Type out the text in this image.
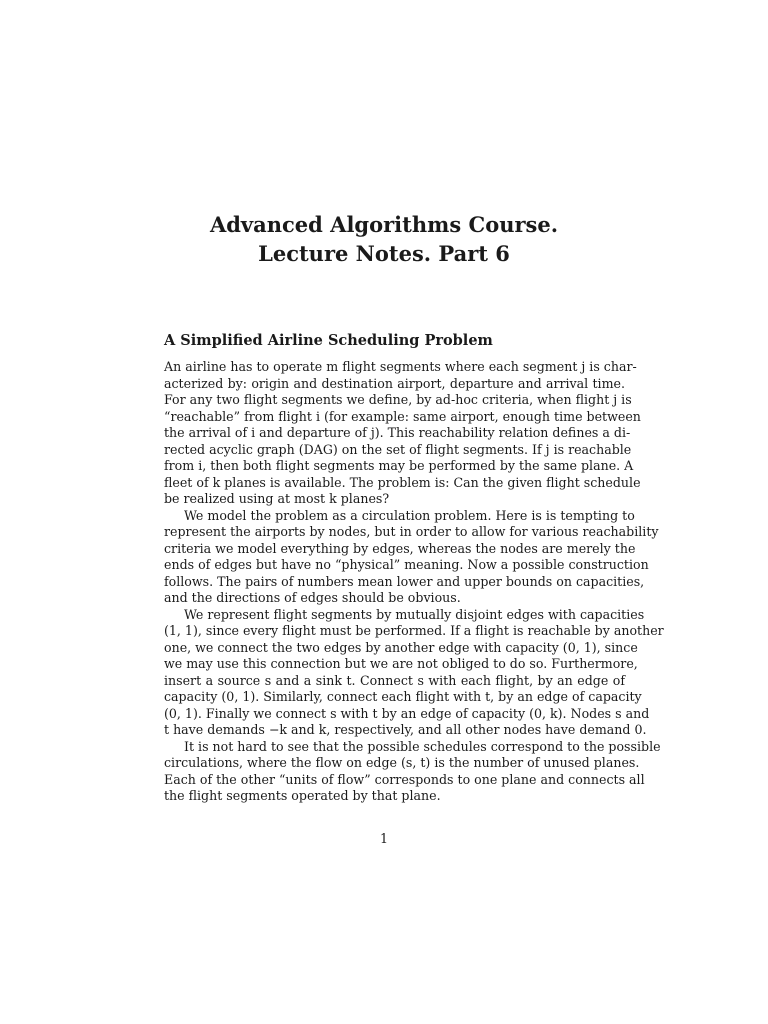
Advanced Algorithms Course.
Lecture Notes. Part 6
A Simplified Airline Scheduling Problem
An airline has to operate m flight segments where each segment j is char-
acterized by: origin and destination airport, departure and arrival time.
For any two flight segments we define, by ad-hoc criteria, when flight j is
“reachable” from flight i (for example: same airport, enough time between
the arrival of i and departure of j). This reachability relation defines a di-
rected acyclic graph (DAG) on the set of flight segments. If j is reachable
from i, then both flight segments may be performed by the same plane. A
fleet of k planes is available. The problem is: Can the given flight schedule
be realized using at most k planes?
We model the problem as a circulation problem. Here is is tempting to
represent the airports by nodes, but in order to allow for various reachability
criteria we model everything by edges, whereas the nodes are merely the
ends of edges but have no “physical” meaning. Now a possible construction
follows. The pairs of numbers mean lower and upper bounds on capacities,
and the directions of edges should be obvious.
We represent flight segments by mutually disjoint edges with capacities
(1, 1), since every flight must be performed. If a flight is reachable by another
one, we connect the two edges by another edge with capacity (0, 1), since
we may use this connection but we are not obliged to do so. Furthermore,
insert a source s and a sink t. Connect s with each flight, by an edge of
capacity (0, 1). Similarly, connect each flight with t, by an edge of capacity
(0, 1). Finally we connect s with t by an edge of capacity (0, k). Nodes s and
t have demands −k and k, respectively, and all other nodes have demand 0.
It is not hard to see that the possible schedules correspond to the possible
circulations, where the flow on edge (s, t) is the number of unused planes.
Each of the other “units of flow” corresponds to one plane and connects all
the flight segments operated by that plane.
1
